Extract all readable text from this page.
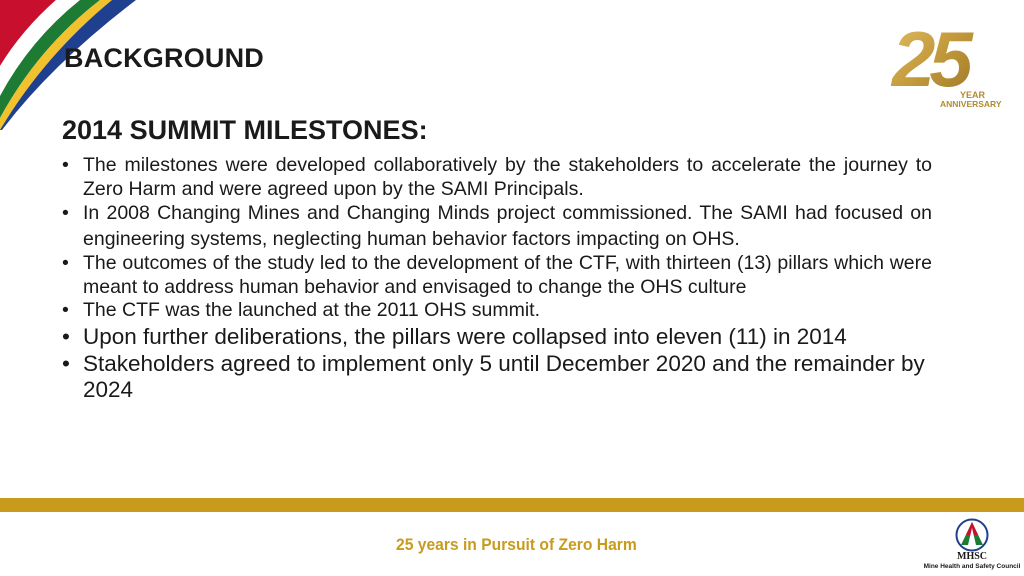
BACKGROUND
2014 SUMMIT MILESTONES:
• The milestones were developed collaboratively by the stakeholders to accelerate the journey to Zero Harm and were agreed upon by the SAMI Principals.
• In 2008 Changing Mines and Changing Minds project commissioned. The SAMI had focused on engineering systems, neglecting human behavior factors impacting on OHS.
• The outcomes of the study led to the development of the CTF, with thirteen (13) pillars which were meant to address human behavior and envisaged to change the OHS culture
• The CTF was the launched at the 2011 OHS summit.
• Upon further deliberations, the pillars were collapsed into eleven (11) in 2014
• Stakeholders agreed to implement only 5 until December 2020 and the remainder by 2024
25
YEAR
ANNIVERSARY
25 years in Pursuit of Zero Harm
MHSC
Mine Health and Safety Council
